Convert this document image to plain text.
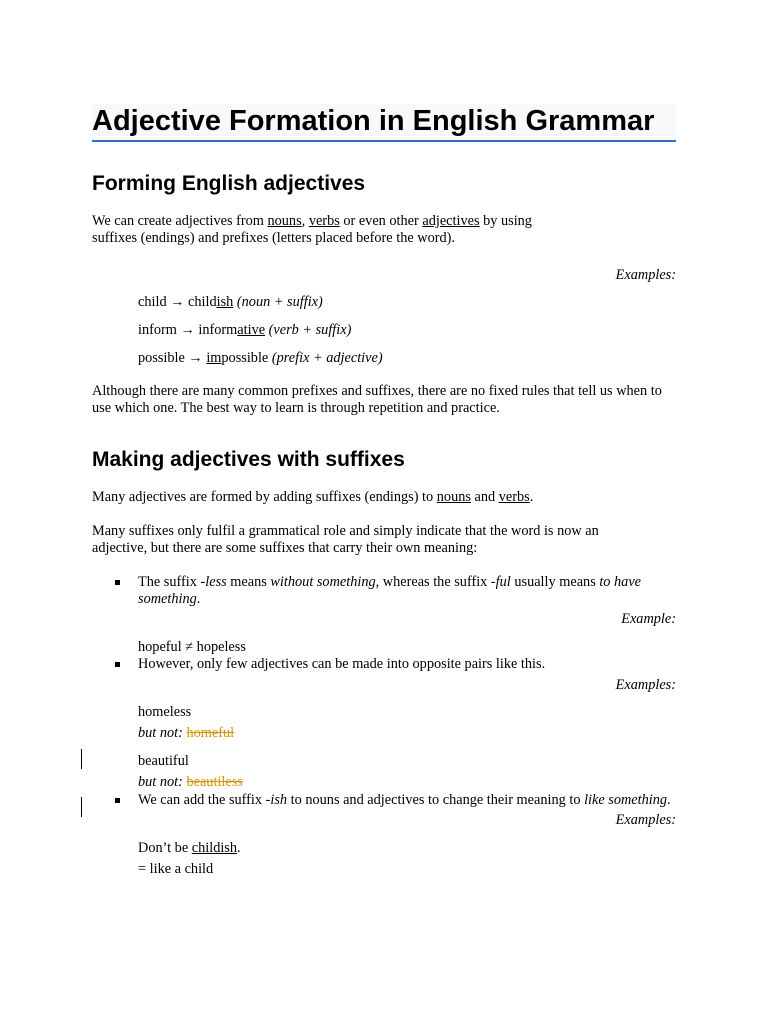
Adjective Formation in English Grammar
Forming English adjectives

We can create adjectives from nouns, verbs or even other adjectives by using suffixes (endings) and prefixes (letters placed before the word).

Examples:
child → childish (noun + suffix)
inform → informative (verb + suffix)
possible → impossible (prefix + adjective)

Although there are many common prefixes and suffixes, there are no fixed rules that tell us when to use which one. The best way to learn is through repetition and practice.

Making adjectives with suffixes

Many adjectives are formed by adding suffixes (endings) to nouns and verbs.

Many suffixes only fulfil a grammatical role and simply indicate that the word is now an adjective, but there are some suffixes that carry their own meaning:

The suffix -less means without something, whereas the suffix -ful usually means to have something.
Example:
hopeful ≠ hopeless
However, only few adjectives can be made into opposite pairs like this.
Examples:
homeless
but not: homeful
beautiful
but not: beautiless
We can add the suffix -ish to nouns and adjectives to change their meaning to like something.
Examples:
Don’t be childish.
= like a child
